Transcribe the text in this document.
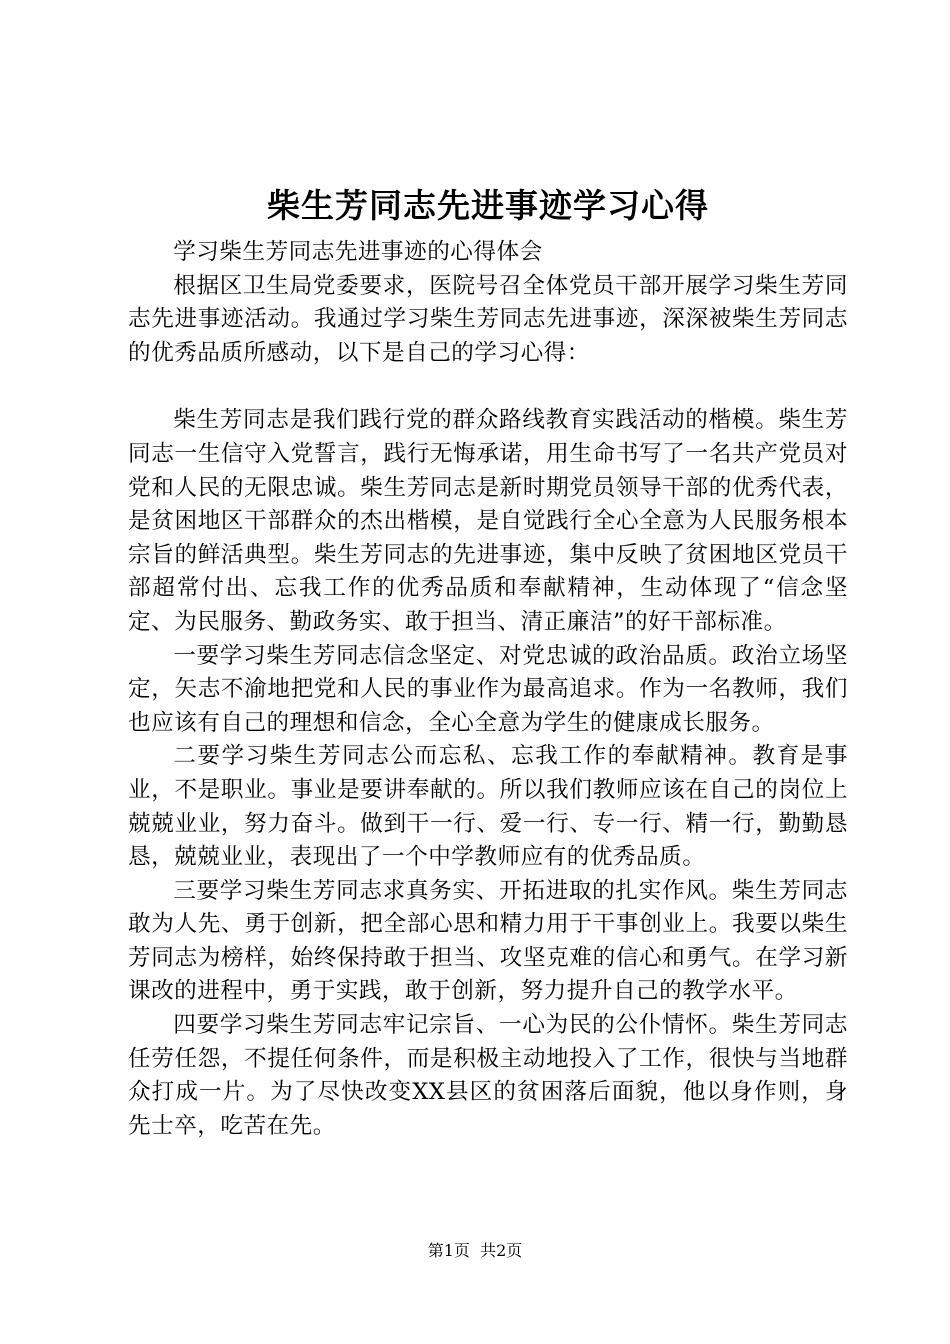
柴生芳同志先进事迹学习心得

学习柴生芳同志先进事迹的心得体会

根据区卫生局党委要求，医院号召全体党员干部开展学习柴生芳同志先进事迹活动。我通过学习柴生芳同志先进事迹，深深被柴生芳同志的优秀品质所感动，以下是自己的学习心得：

柴生芳同志是我们践行党的群众路线教育实践活动的楷模。柴生芳同志一生信守入党誓言，践行无悔承诺，用生命书写了一名共产党员对党和人民的无限忠诚。柴生芳同志是新时期党员领导干部的优秀代表，是贫困地区干部群众的杰出楷模，是自觉践行全心全意为人民服务根本宗旨的鲜活典型。柴生芳同志的先进事迹，集中反映了贫困地区党员干部超常付出、忘我工作的优秀品质和奉献精神，生动体现了“信念坚定、为民服务、勤政务实、敢于担当、清正廉洁”的好干部标准。

一要学习柴生芳同志信念坚定、对党忠诚的政治品质。政治立场坚定，矢志不渝地把党和人民的事业作为最高追求。作为一名教师，我们也应该有自己的理想和信念，全心全意为学生的健康成长服务。

二要学习柴生芳同志公而忘私、忘我工作的奉献精神。教育是事业，不是职业。事业是要讲奉献的。所以我们教师应该在自己的岗位上兢兢业业，努力奋斗。做到干一行、爱一行、专一行、精一行，勤勤恳恳，兢兢业业，表现出了一个中学教师应有的优秀品质。

三要学习柴生芳同志求真务实、开拓进取的扎实作风。柴生芳同志敢为人先、勇于创新，把全部心思和精力用于干事创业上。我要以柴生芳同志为榜样，始终保持敢于担当、攻坚克难的信心和勇气。在学习新课改的进程中，勇于实践，敢于创新，努力提升自己的教学水平。

四要学习柴生芳同志牢记宗旨、一心为民的公仆情怀。柴生芳同志任劳任怨，不提任何条件，而是积极主动地投入了工作，很快与当地群众打成一片。为了尽快改变XX县区的贫困落后面貌，他以身作则，身先士卒，吃苦在先。

第1页 共2页
